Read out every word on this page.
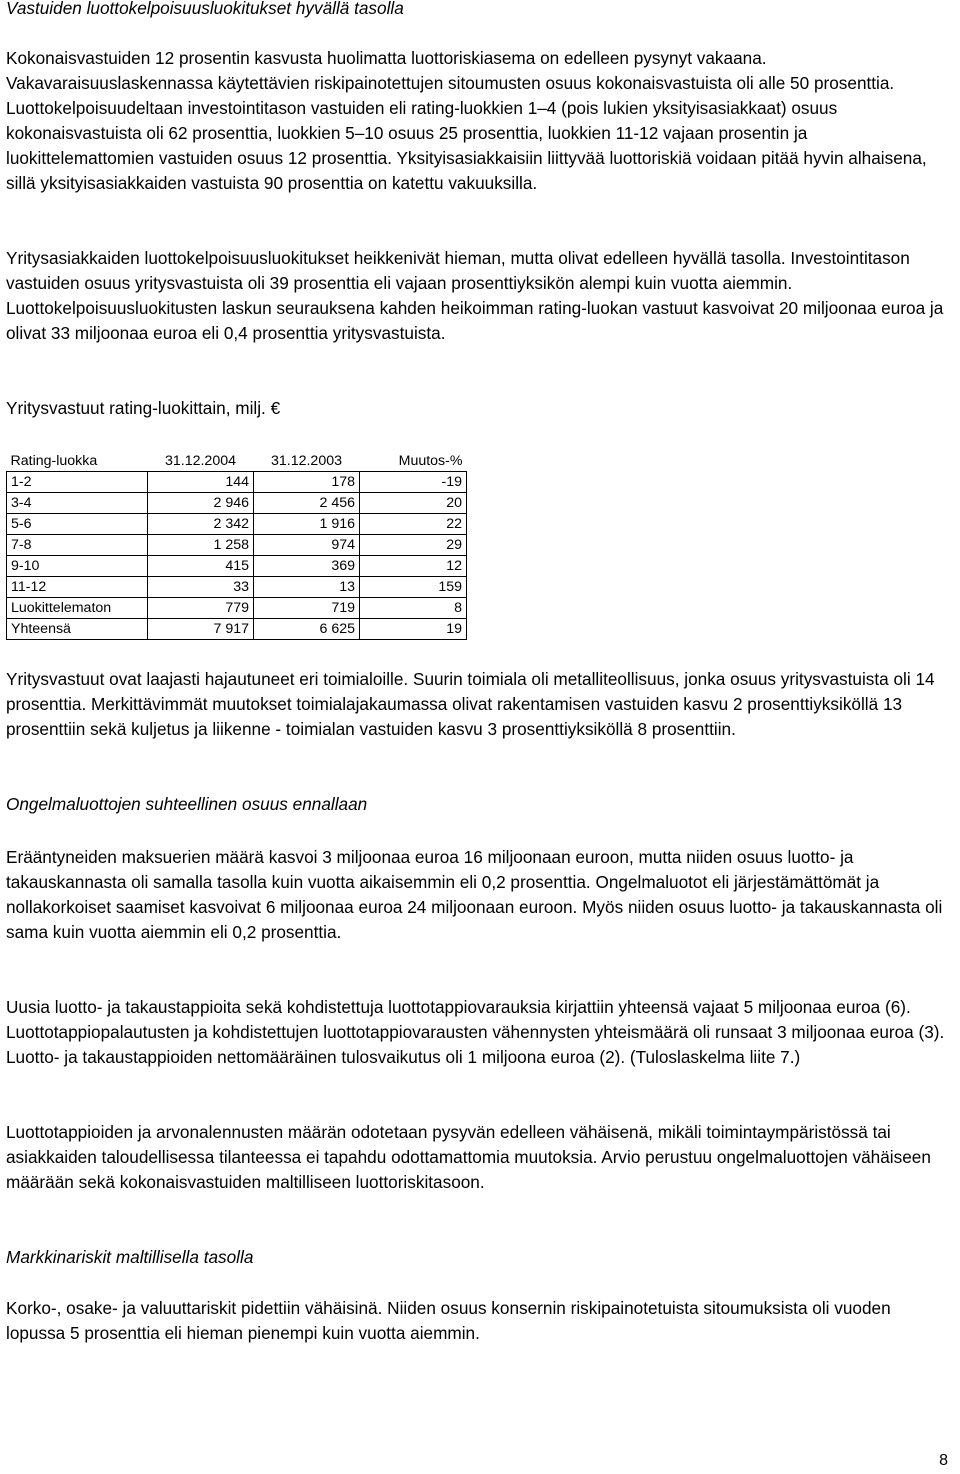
Vastuiden luottokelpoisuusluokitukset hyvällä tasolla

Kokonaisvastuiden 12 prosentin kasvusta huolimatta luottoriskiasema on edelleen pysynyt vakaana. Vakavaraisuuslaskennassa käytettävien riskipainotettujen sitoumusten osuus kokonaisvastuista oli alle 50 prosenttia. Luottokelpoisuudeltaan investointitason vastuiden eli rating-luokkien 1‒4 (pois lukien yksityisasiakkaat) osuus kokonaisvastuista oli 62 prosenttia, luokkien 5‒10 osuus 25 prosenttia, luokkien 11-12 vajaan prosentin ja luokittelemattomien vastuiden osuus 12 prosenttia. Yksityisasiakkaisiin liittyvää luottoriskiä voidaan pitää hyvin alhaisena, sillä yksityisasiakkaiden vastuista 90 prosenttia on katettu vakuuksilla.

Yritysasiakkaiden luottokelpoisuusluokitukset heikkenivät hieman, mutta olivat edelleen hyvällä tasolla. Investointitason vastuiden osuus yritysvastuista oli 39 prosenttia eli vajaan prosenttiyksikön alempi kuin vuotta aiemmin. Luottokelpoisuusluokitusten laskun seurauksena kahden heikoimman rating-luokan vastuut kasvoivat 20 miljoonaa euroa ja olivat 33 miljoonaa euroa eli 0,4 prosenttia yritysvastuista.

Yritysvastuut rating-luokittain, milj. €

Rating-luokka	31.12.2004	31.12.2003	Muutos-%
1-2	144	178	-19
3-4	2 946	2 456	20
5-6	2 342	1 916	22
7-8	1 258	974	29
9-10	415	369	12
11-12	33	13	159
Luokittelematon	779	719	8
Yhteensä	7 917	6 625	19

Yritysvastuut ovat laajasti hajautuneet eri toimialoille. Suurin toimiala oli metalliteollisuus, jonka osuus yritysvastuista oli 14 prosenttia. Merkittävimmät muutokset toimialajakaumassa olivat rakentamisen vastuiden kasvu 2 prosenttiyksiköllä 13 prosenttiin sekä kuljetus ja liikenne - toimialan vastuiden kasvu 3 prosenttiyksiköllä 8 prosenttiin.

Ongelmaluottojen suhteellinen osuus ennallaan

Erääntyneiden maksuerien määrä kasvoi 3 miljoonaa euroa 16 miljoonaan euroon, mutta niiden osuus luotto- ja takauskannasta oli samalla tasolla kuin vuotta aikaisemmin eli 0,2 prosenttia. Ongelmaluotot eli järjestämättömät ja nollakorkoiset saamiset kasvoivat 6 miljoonaa euroa 24 miljoonaan euroon. Myös niiden osuus luotto- ja takauskannasta oli sama kuin vuotta aiemmin eli 0,2 prosenttia.

Uusia luotto- ja takaustappioita sekä kohdistettuja luottotappiovarauksia kirjattiin yhteensä vajaat 5 miljoonaa euroa (6). Luottotappiopalautusten ja kohdistettujen luottotappiovarausten vähennysten yhteismäärä oli runsaat 3 miljoonaa euroa (3). Luotto- ja takaustappioiden nettomääräinen tulosvaikutus oli 1 miljoona euroa (2). (Tuloslaskelma liite 7.)

Luottotappioiden ja arvonalennusten määrän odotetaan pysyvän edelleen vähäisenä, mikäli toimintaympäristössä tai asiakkaiden taloudellisessa tilanteessa ei tapahdu odottamattomia muutoksia. Arvio perustuu ongelmaluottojen vähäiseen määrään sekä kokonaisvastuiden maltilliseen luottoriskitasoon.

Markkinariskit maltillisella tasolla

Korko-, osake- ja valuuttariskit pidettiin vähäisinä. Niiden osuus konsernin riskipainotetuista sitoumuksista oli vuoden lopussa 5 prosenttia eli hieman pienempi kuin vuotta aiemmin.

8
